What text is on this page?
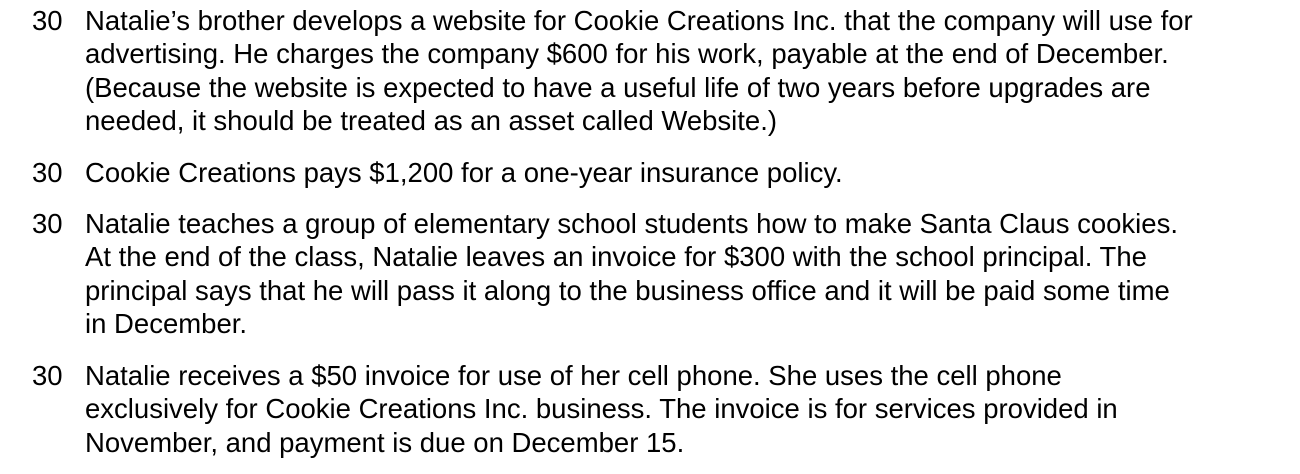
30 Natalie’s brother develops a website for Cookie Creations Inc. that the company will use for
advertising. He charges the company $600 for his work, payable at the end of December.
(Because the website is expected to have a useful life of two years before upgrades are
needed, it should be treated as an asset called Website.)
30 Cookie Creations pays $1,200 for a one-year insurance policy.
30 Natalie teaches a group of elementary school students how to make Santa Claus cookies.
At the end of the class, Natalie leaves an invoice for $300 with the school principal. The
principal says that he will pass it along to the business office and it will be paid some time
in December.
30 Natalie receives a $50 invoice for use of her cell phone. She uses the cell phone
exclusively for Cookie Creations Inc. business. The invoice is for services provided in
November, and payment is due on December 15.
